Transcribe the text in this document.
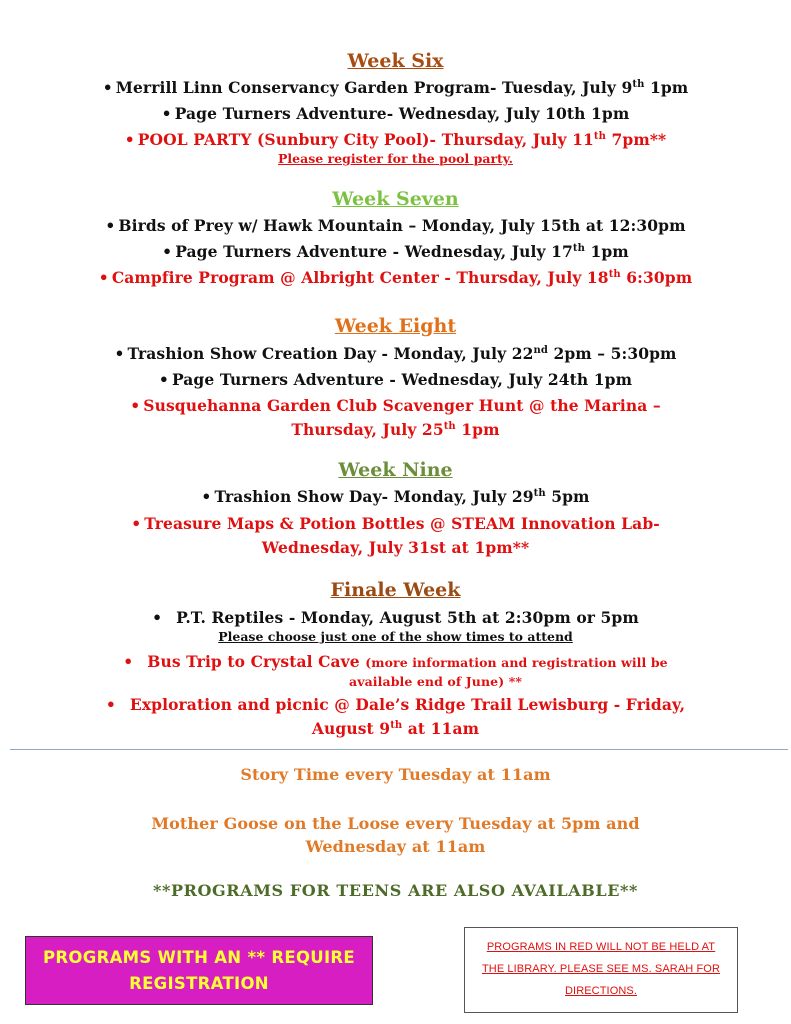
Week Six
• Merrill Linn Conservancy Garden Program- Tuesday, July 9th 1pm
• Page Turners Adventure- Wednesday, July 10th 1pm
• POOL PARTY (Sunbury City Pool)- Thursday, July 11th 7pm**
Please register for the pool party.
Week Seven
• Birds of Prey w/ Hawk Mountain – Monday, July 15th at 12:30pm
• Page Turners Adventure - Wednesday, July 17th 1pm
• Campfire Program @ Albright Center - Thursday, July 18th 6:30pm
Week Eight
• Trashion Show Creation Day - Monday, July 22nd 2pm – 5:30pm
• Page Turners Adventure - Wednesday, July 24th 1pm
• Susquehanna Garden Club Scavenger Hunt @ the Marina –
Thursday, July 25th 1pm
Week Nine
• Trashion Show Day- Monday, July 29th 5pm
• Treasure Maps & Potion Bottles @ STEAM Innovation Lab-
Wednesday, July 31st at 1pm**
Finale Week
• P.T. Reptiles - Monday, August 5th at 2:30pm or 5pm
Please choose just one of the show times to attend
• Bus Trip to Crystal Cave (more information and registration will be
available end of June) **
• Exploration and picnic @ Dale’s Ridge Trail Lewisburg - Friday,
August 9th at 11am
Story Time every Tuesday at 11am
Mother Goose on the Loose every Tuesday at 5pm and
Wednesday at 11am
**PROGRAMS FOR TEENS ARE ALSO AVAILABLE**
PROGRAMS WITH AN ** REQUIRE
REGISTRATION
PROGRAMS IN RED WILL NOT BE HELD AT
THE LIBRARY. PLEASE SEE MS. SARAH FOR
DIRECTIONS.
